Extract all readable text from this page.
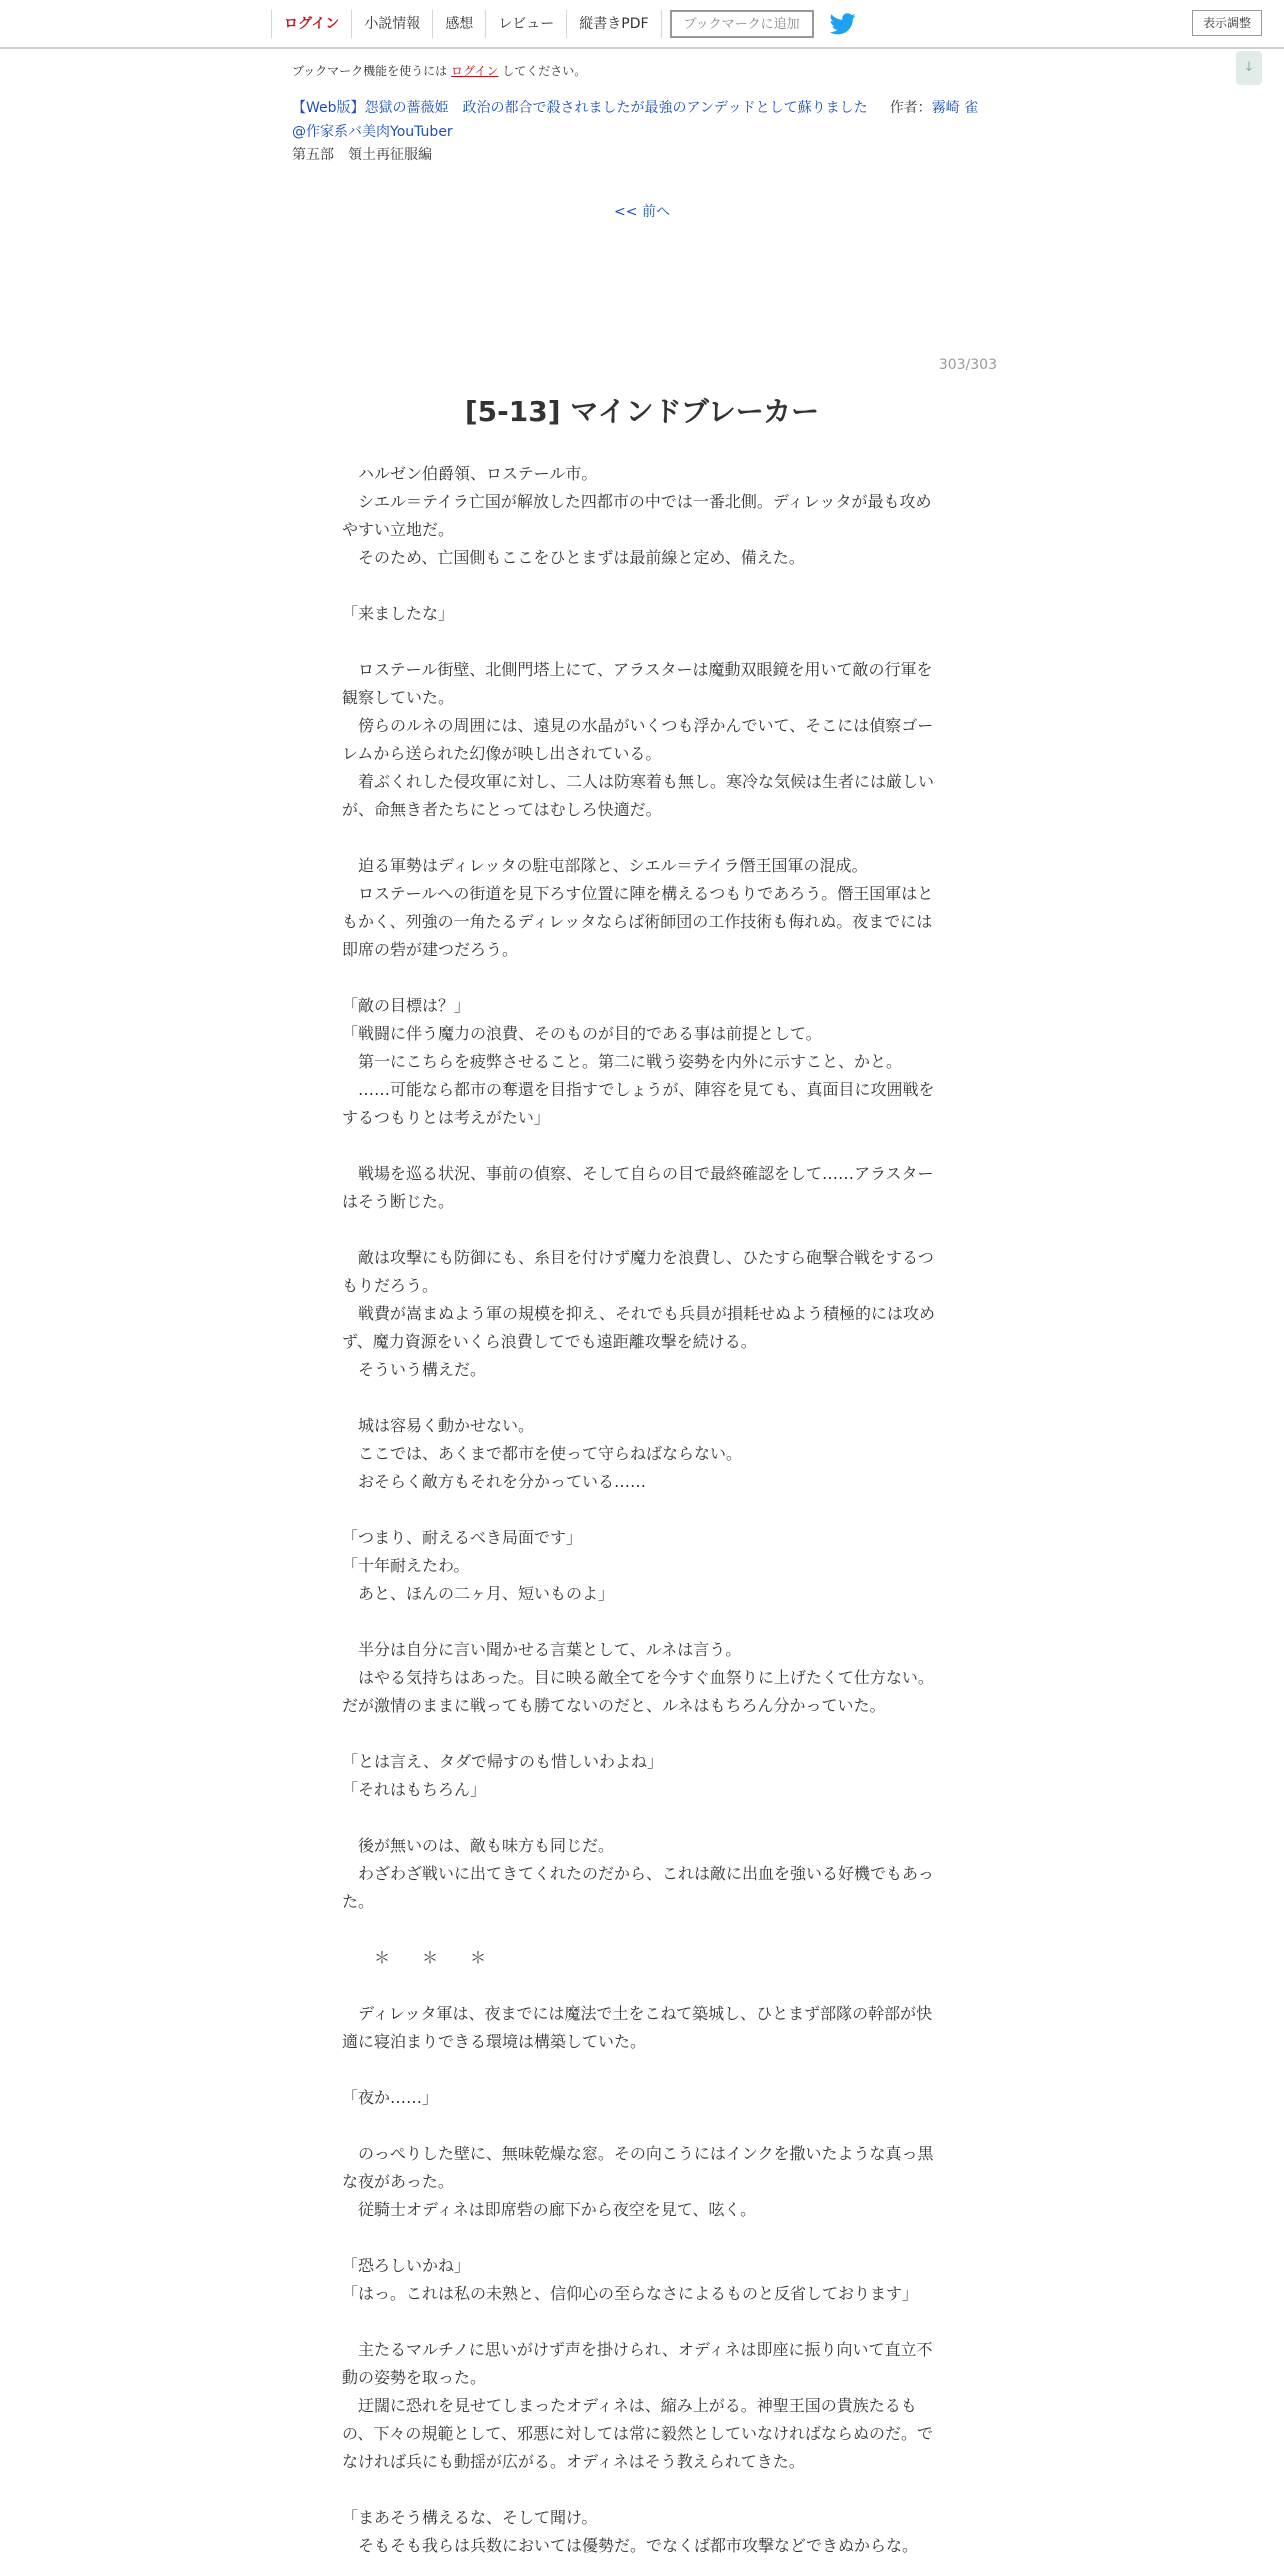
ログイン	小説情報	感想	レビュー	縦書きPDF	ブックマークに追加	表示調整
↓
ブックマーク機能を使うには ログイン してください。
【Web版】怨獄の薔薇姫　政治の都合で殺されましたが最強のアンデッドとして蘇りました 作者：霧崎 雀
@作家系バ美肉YouTuber
第五部　領土再征服編
<< 前へ
303/303
[5-13] マインドブレーカー

　ハルゼン伯爵領、ロステール市。

　シエル＝テイラ亡国が解放した四都市の中では一番北側。ディレッタが最も攻めやすい立地だ。

　そのため、亡国側もここをひとまずは最前線と定め、備えた。

「来ましたな」

　ロステール街壁、北側門塔上にて、アラスターは魔動双眼鏡を用いて敵の行軍を観察していた。

　傍らのルネの周囲には、遠見の水晶がいくつも浮かんでいて、そこには偵察ゴーレムから送られた幻像が映し出されている。

　着ぶくれした侵攻軍に対し、二人は防寒着も無し。寒冷な気候は生者には厳しいが、命無き者たちにとってはむしろ快適だ。

　迫る軍勢はディレッタの駐屯部隊と、シエル＝テイラ僭王国軍の混成。

　ロステールへの街道を見下ろす位置に陣を構えるつもりであろう。僭王国軍はともかく、列強の一角たるディレッタならば術師団の工作技術も侮れぬ。夜までには即席の砦が建つだろう。

「敵の目標は？」

「戦闘に伴う魔力の浪費、そのものが目的である事は前提として。

　第一にこちらを疲弊させること。第二に戦う姿勢を内外に示すこと、かと。

　……可能なら都市の奪還を目指すでしょうが、陣容を見ても、真面目に攻囲戦をするつもりとは考えがたい」

　戦場を巡る状況、事前の偵察、そして自らの目で最終確認をして……アラスターはそう断じた。

　敵は攻撃にも防御にも、糸目を付けず魔力を浪費し、ひたすら砲撃合戦をするつもりだろう。

　戦費が嵩まぬよう軍の規模を抑え、それでも兵員が損耗せぬよう積極的には攻めず、魔力資源をいくら浪費してでも遠距離攻撃を続ける。

　そういう構えだ。

　城は容易く動かせない。

　ここでは、あくまで都市を使って守らねばならない。

　おそらく敵方もそれを分かっている……

「つまり、耐えるべき局面です」

「十年耐えたわ。

　あと、ほんの二ヶ月、短いものよ」

　半分は自分に言い聞かせる言葉として、ルネは言う。

　はやる気持ちはあった。目に映る敵全てを今すぐ血祭りに上げたくて仕方ない。だが激情のままに戦っても勝てないのだと、ルネはもちろん分かっていた。

「とは言え、タダで帰すのも惜しいわよね」

「それはもちろん」

　後が無いのは、敵も味方も同じだ。

　わざわざ戦いに出てきてくれたのだから、これは敵に出血を強いる好機でもあった。

　　＊　　＊　　＊

　ディレッタ軍は、夜までには魔法で土をこねて築城し、ひとまず部隊の幹部が快適に寝泊まりできる環境は構築していた。

「夜か……」

　のっぺりした壁に、無味乾燥な窓。その向こうにはインクを撒いたような真っ黒な夜があった。

　従騎士オディネは即席砦の廊下から夜空を見て、呟く。

「恐ろしいかね」

「はっ。これは私の未熟と、信仰心の至らなさによるものと反省しております」

　主たるマルチノに思いがけず声を掛けられ、オディネは即座に振り向いて直立不動の姿勢を取った。

　迂闊に恐れを見せてしまったオディネは、縮み上がる。神聖王国の貴族たるもの、下々の規範として、邪悪に対しては常に毅然としていなければならぬのだ。でなければ兵にも動揺が広がる。オディネはそう教えられてきた。

「まあそう構えるな、そして聞け。

　そもそも我らは兵数においては優勢だ。でなくば都市攻撃などできぬからな。
